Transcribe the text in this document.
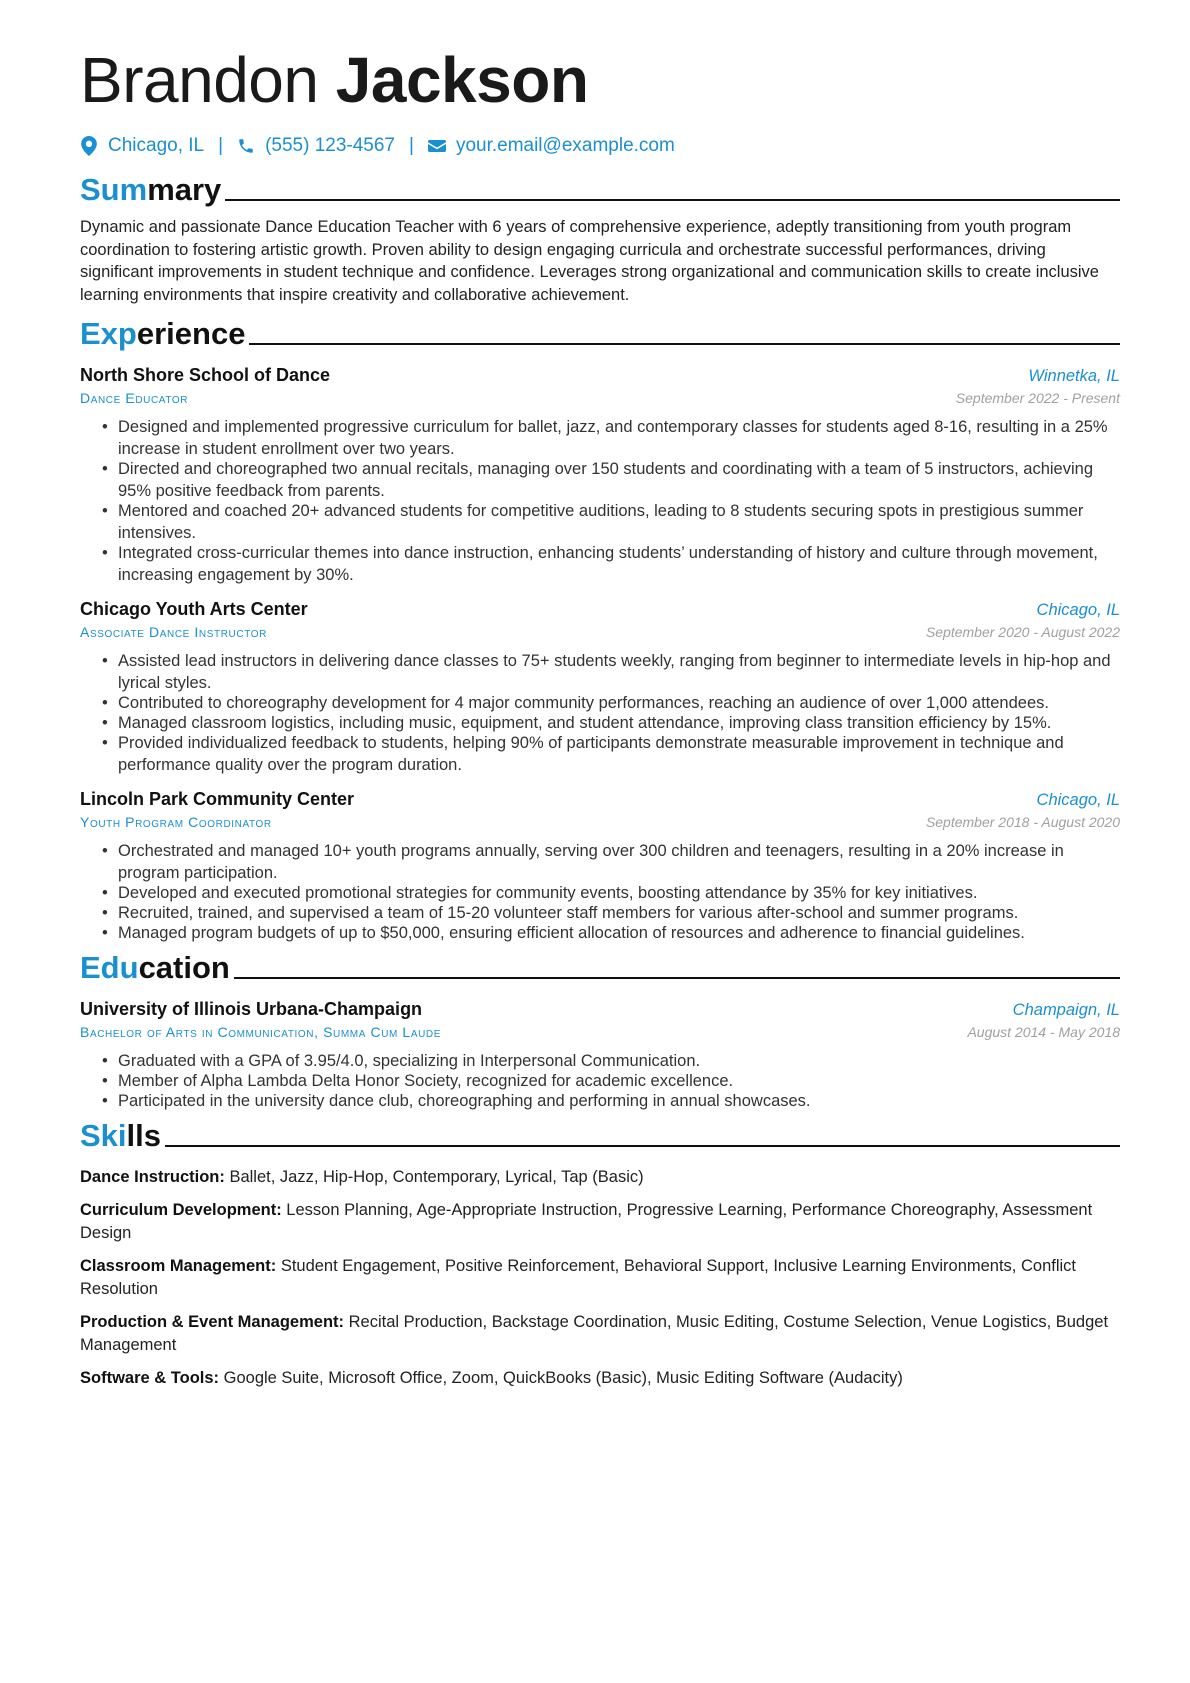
Brandon Jackson
Chicago, IL | (555) 123-4567 | your.email@example.com
Summary

Dynamic and passionate Dance Education Teacher with 6 years of comprehensive experience, adeptly transitioning from youth program coordination to fostering artistic growth. Proven ability to design engaging curricula and orchestrate successful performances, driving significant improvements in student technique and confidence. Leverages strong organizational and communication skills to create inclusive learning environments that inspire creativity and collaborative achievement.

Experience
North Shore School of Dance	Winnetka, IL
Dance Educator	September 2022 - Present
• Designed and implemented progressive curriculum for ballet, jazz, and contemporary classes for students aged 8-16, resulting in a 25% increase in student enrollment over two years.
• Directed and choreographed two annual recitals, managing over 150 students and coordinating with a team of 5 instructors, achieving 95% positive feedback from parents.
• Mentored and coached 20+ advanced students for competitive auditions, leading to 8 students securing spots in prestigious summer intensives.
• Integrated cross-curricular themes into dance instruction, enhancing students’ understanding of history and culture through movement, increasing engagement by 30%.
Chicago Youth Arts Center	Chicago, IL
Associate Dance Instructor	September 2020 - August 2022
• Assisted lead instructors in delivering dance classes to 75+ students weekly, ranging from beginner to intermediate levels in hip-hop and lyrical styles.
• Contributed to choreography development for 4 major community performances, reaching an audience of over 1,000 attendees.
• Managed classroom logistics, including music, equipment, and student attendance, improving class transition efficiency by 15%.
• Provided individualized feedback to students, helping 90% of participants demonstrate measurable improvement in technique and performance quality over the program duration.
Lincoln Park Community Center	Chicago, IL
Youth Program Coordinator	September 2018 - August 2020
• Orchestrated and managed 10+ youth programs annually, serving over 300 children and teenagers, resulting in a 20% increase in program participation.
• Developed and executed promotional strategies for community events, boosting attendance by 35% for key initiatives.
• Recruited, trained, and supervised a team of 15-20 volunteer staff members for various after-school and summer programs.
• Managed program budgets of up to $50,000, ensuring efficient allocation of resources and adherence to financial guidelines.
Education
University of Illinois Urbana-Champaign	Champaign, IL
Bachelor of Arts in Communication, Summa Cum Laude	August 2014 - May 2018
• Graduated with a GPA of 3.95/4.0, specializing in Interpersonal Communication.
• Member of Alpha Lambda Delta Honor Society, recognized for academic excellence.
• Participated in the university dance club, choreographing and performing in annual showcases.
Skills
Dance Instruction: Ballet, Jazz, Hip-Hop, Contemporary, Lyrical, Tap (Basic)
Curriculum Development: Lesson Planning, Age-Appropriate Instruction, Progressive Learning, Performance Choreography, Assessment Design
Classroom Management: Student Engagement, Positive Reinforcement, Behavioral Support, Inclusive Learning Environments, Conflict Resolution
Production & Event Management: Recital Production, Backstage Coordination, Music Editing, Costume Selection, Venue Logistics, Budget Management
Software & Tools: Google Suite, Microsoft Office, Zoom, QuickBooks (Basic), Music Editing Software (Audacity)
